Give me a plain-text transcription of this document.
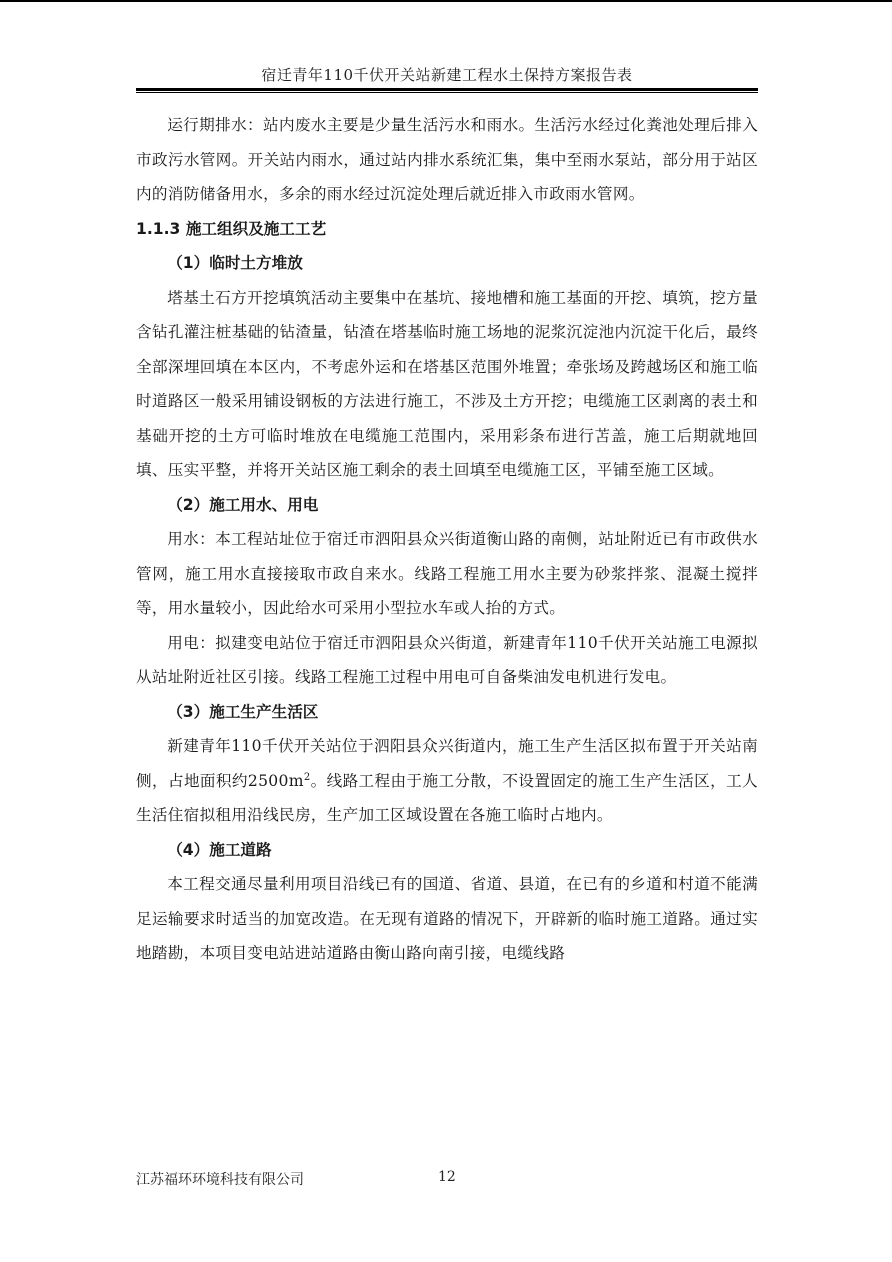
宿迁青年110千伏开关站新建工程水土保持方案报告表

运行期排水：站内废水主要是少量生活污水和雨水。生活污水经过化粪池处理后排入市政污水管网。开关站内雨水，通过站内排水系统汇集，集中至雨水泵站，部分用于站区内的消防储备用水，多余的雨水经过沉淀处理后就近排入市政雨水管网。

1.1.3 施工组织及施工工艺
（1）临时土方堆放

塔基土石方开挖填筑活动主要集中在基坑、接地槽和施工基面的开挖、填筑，挖方量含钻孔灌注桩基础的钻渣量，钻渣在塔基临时施工场地的泥浆沉淀池内沉淀干化后，最终全部深埋回填在本区内，不考虑外运和在塔基区范围外堆置；牵张场及跨越场区和施工临时道路区一般采用铺设钢板的方法进行施工，不涉及土方开挖；电缆施工区剥离的表土和基础开挖的土方可临时堆放在电缆施工范围内，采用彩条布进行苫盖，施工后期就地回填、压实平整，并将开关站区施工剩余的表土回填至电缆施工区，平铺至施工区域。

（2）施工用水、用电

用水：本工程站址位于宿迁市泗阳县众兴街道衡山路的南侧，站址附近已有市政供水管网，施工用水直接接取市政自来水。线路工程施工用水主要为砂浆拌浆、混凝土搅拌等，用水量较小，因此给水可采用小型拉水车或人抬的方式。

用电：拟建变电站位于宿迁市泗阳县众兴街道，新建青年110千伏开关站施工电源拟从站址附近社区引接。线路工程施工过程中用电可自备柴油发电机进行发电。

（3）施工生产生活区

新建青年110千伏开关站位于泗阳县众兴街道内，施工生产生活区拟布置于开关站南侧，占地面积约$2500m^2$。线路工程由于施工分散，不设置固定的施工生产生活区，工人生活住宿拟租用沿线民房，生产加工区域设置在各施工临时占地内。

（4）施工道路

本工程交通尽量利用项目沿线已有的国道、省道、县道，在已有的乡道和村道不能满足运输要求时适当的加宽改造。在无现有道路的情况下，开辟新的临时施工道路。通过实地踏勘，本项目变电站进站道路由衡山路向南引接，电缆线路

江苏福环环境科技有限公司	12
